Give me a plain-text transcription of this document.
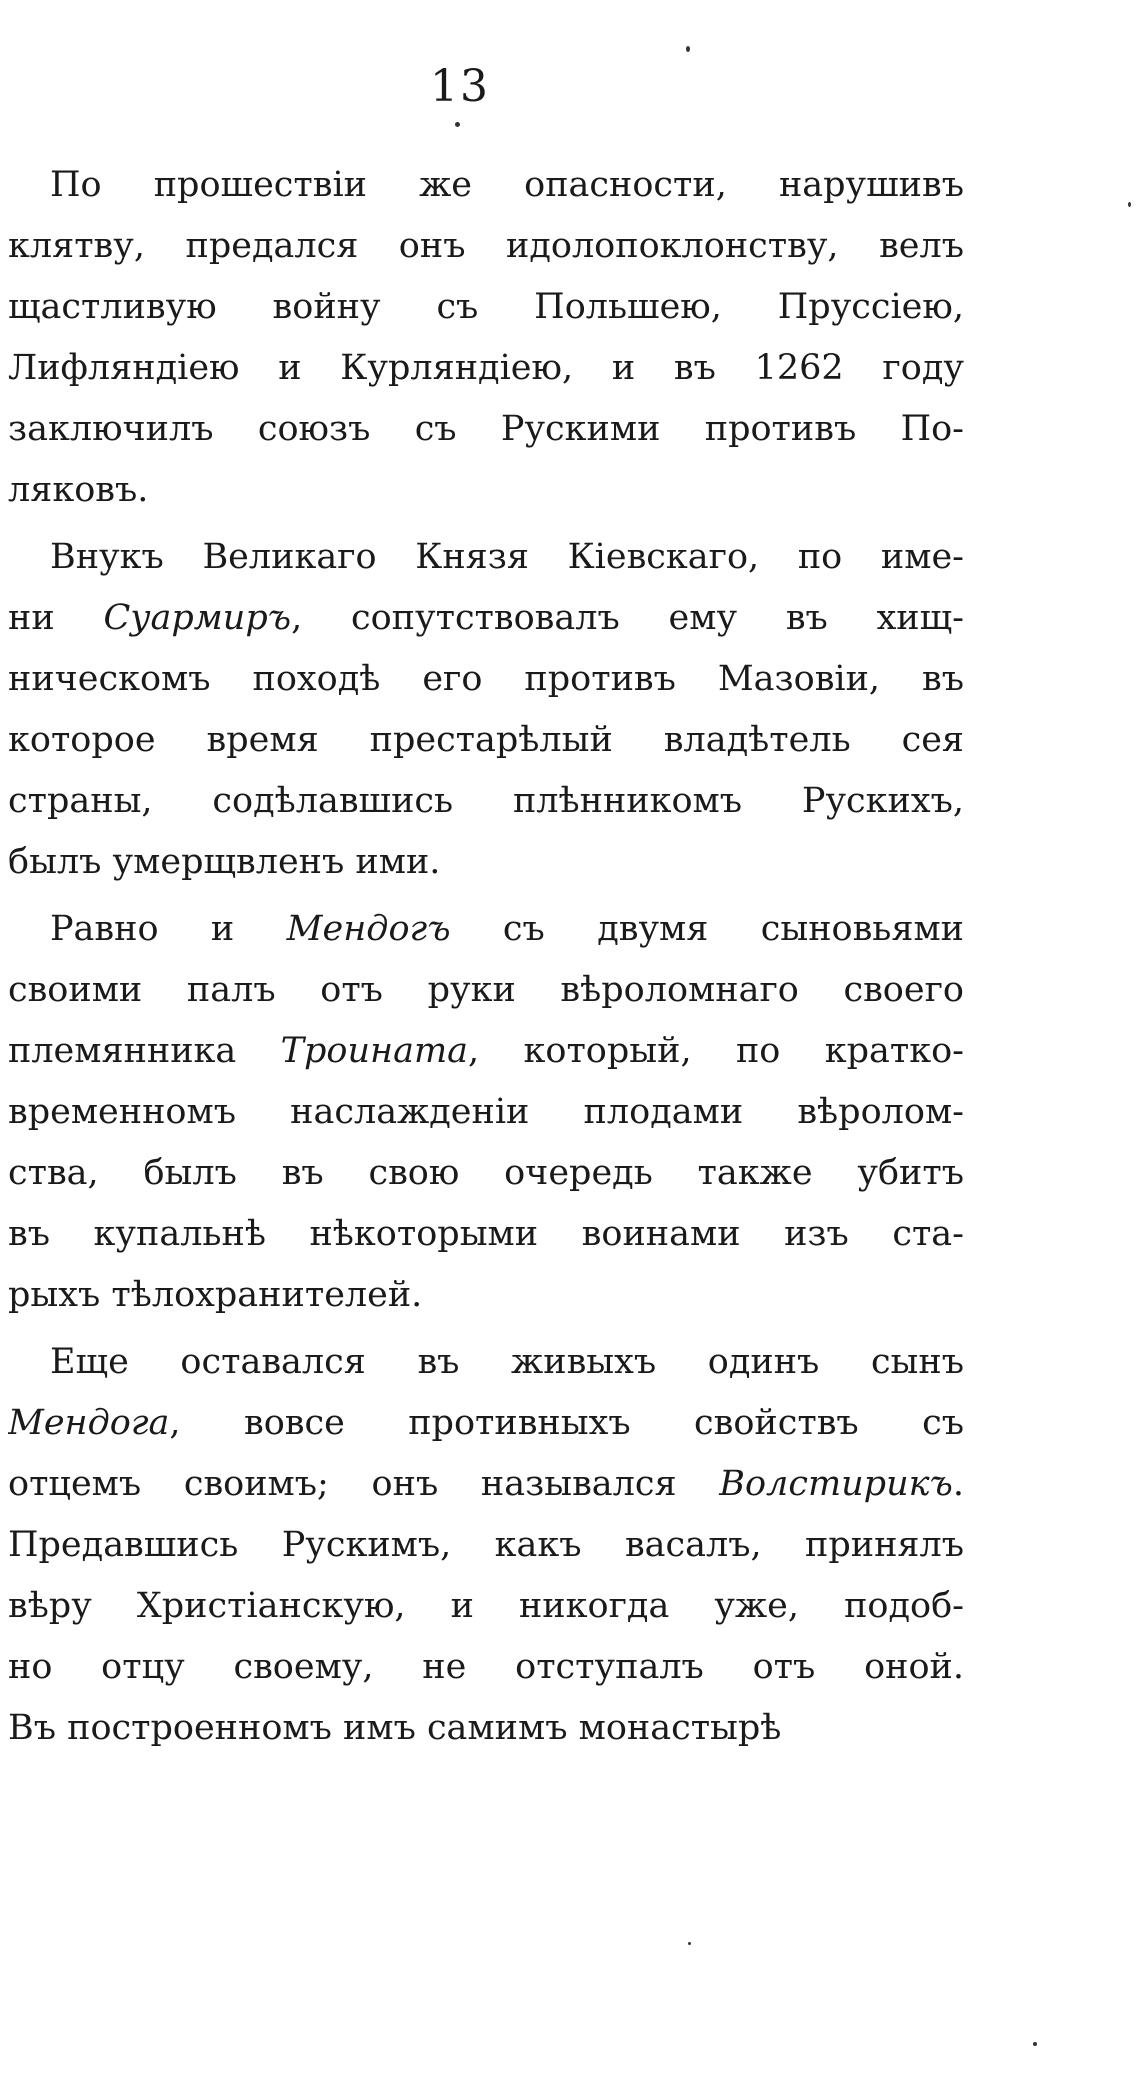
13
По прошествіи же опасности, нарушивъ
клятву, предался онъ идолопоклонству, велъ
щастливую войну съ Польшею, Пруссіею,
Лифляндіею и Курляндіею, и въ 1262 году
заключилъ союзъ съ Рускими противъ По-
ляковъ.
Внукъ Великаго Князя Кіевскаго, по име-
ни Суармиръ, сопутствовалъ ему въ хищ-
ническомъ походѣ его противъ Мазовіи, въ
которое время престарѣлый владѣтель сея
страны, содѣлавшись плѣнникомъ Рускихъ,
былъ умерщвленъ ими.
Равно и Мендогъ съ двумя сыновьями
своими палъ отъ руки вѣроломнаго своего
племянника Троината, который, по кратко-
временномъ наслажденіи плодами вѣролом-
ства, былъ въ свою очередь также убитъ
въ купальнѣ нѣкоторыми воинами изъ ста-
рыхъ тѣлохранителей.
Еще оставался въ живыхъ одинъ сынъ
Мендога, вовсе противныхъ свойствъ съ
отцемъ своимъ; онъ назывался Волстирикъ.
Предавшись Рускимъ, какъ васалъ, принялъ
вѣру Христіанскую, и никогда уже, подоб-
но отцу своему, не отступалъ отъ оной.
Въ построенномъ имъ самимъ монастырѣ
